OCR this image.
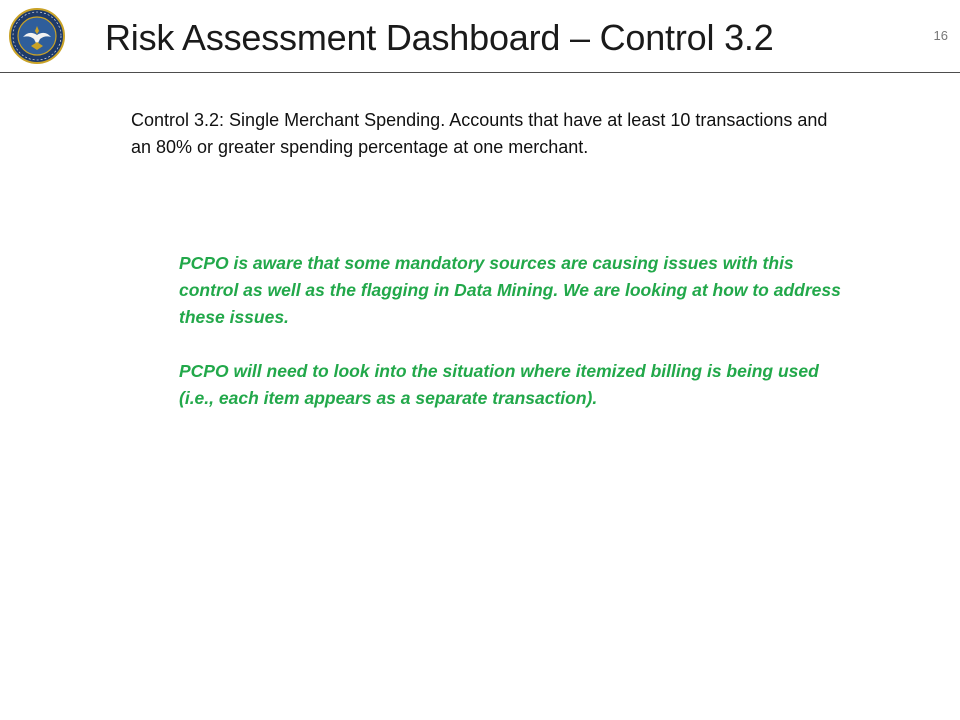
Risk Assessment Dashboard – Control 3.2	16

Control 3.2: Single Merchant Spending. Accounts that have at least 10 transactions and an 80% or greater spending percentage at one merchant.

PCPO is aware that some mandatory sources are causing issues with this control as well as the flagging in Data Mining. We are looking at how to address these issues.

PCPO will need to look into the situation where itemized billing is being used (i.e., each item appears as a separate transaction).
